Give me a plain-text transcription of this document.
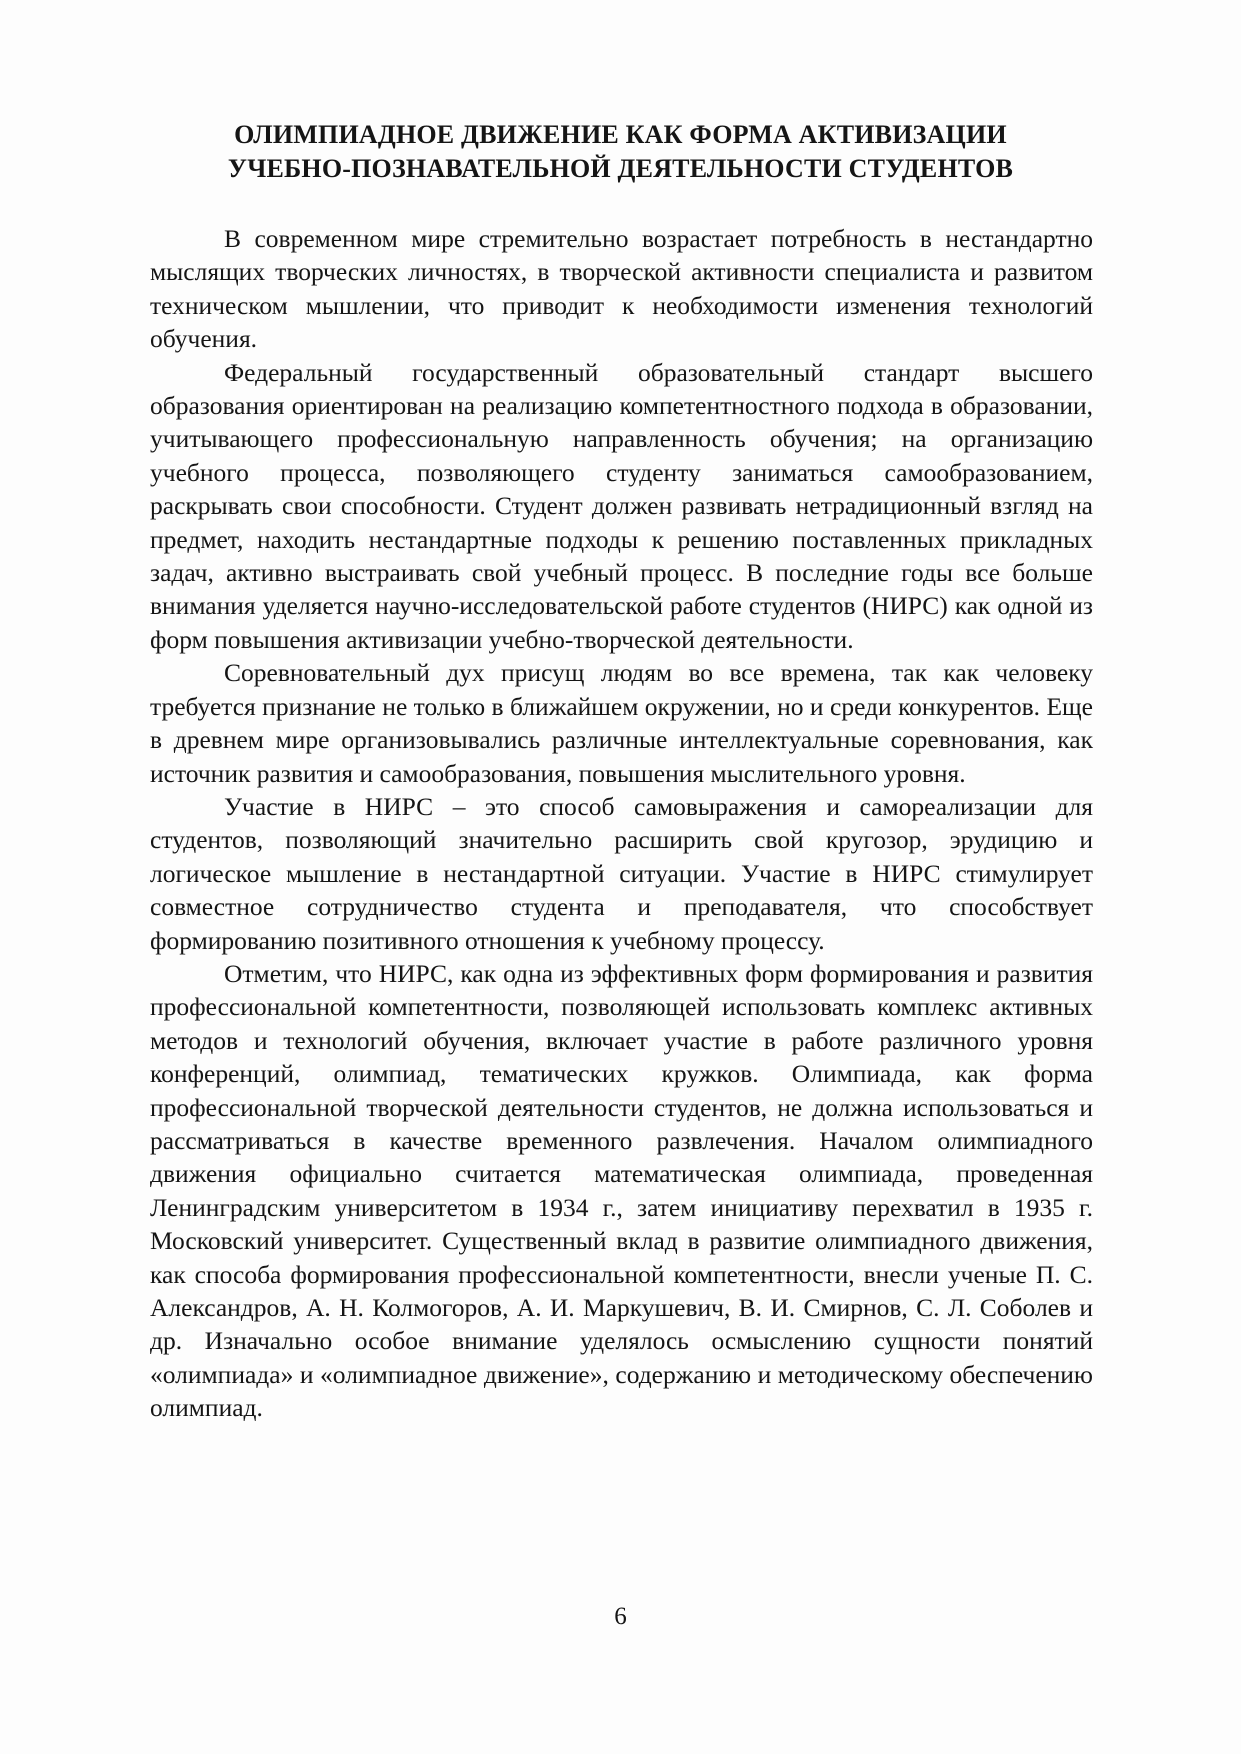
ОЛИМПИАДНОЕ ДВИЖЕНИЕ КАК ФОРМА АКТИВИЗАЦИИ
УЧЕБНО-ПОЗНАВАТЕЛЬНОЙ ДЕЯТЕЛЬНОСТИ СТУДЕНТОВ

В современном мире стремительно возрастает потребность в нестандартно мыслящих творческих личностях, в творческой активности специалиста и развитом техническом мышлении, что приводит к необходимости изменения технологий обучения.

Федеральный государственный образовательный стандарт высшего образования ориентирован на реализацию компетентностного подхода в образовании, учитывающего профессиональную направленность обучения; на организацию учебного процесса, позволяющего студенту заниматься самообразованием, раскрывать свои способности. Студент должен развивать нетрадиционный взгляд на предмет, находить нестандартные подходы к решению поставленных прикладных задач, активно выстраивать свой учебный процесс. В последние годы все больше внимания уделяется научно-исследовательской работе студентов (НИРС) как одной из форм повышения активизации учебно-творческой деятельности.

Соревновательный дух присущ людям во все времена, так как человеку требуется признание не только в ближайшем окружении, но и среди конкурентов. Еще в древнем мире организовывались различные интеллектуальные соревнования, как источник развития и самообразования, повышения мыслительного уровня.

Участие в НИРС – это способ самовыражения и самореализации для студентов, позволяющий значительно расширить свой кругозор, эрудицию и логическое мышление в нестандартной ситуации. Участие в НИРС стимулирует совместное сотрудничество студента и преподавателя, что способствует формированию позитивного отношения к учебному процессу.

Отметим, что НИРС, как одна из эффективных форм формирования и развития профессиональной компетентности, позволяющей использовать комплекс активных методов и технологий обучения, включает участие в работе различного уровня конференций, олимпиад, тематических кружков. Олимпиада, как форма профессиональной творческой деятельности студентов, не должна использоваться и рассматриваться в качестве временного развлечения. Началом олимпиадного движения официально считается математическая олимпиада, проведенная Ленинградским университетом в 1934 г., затем инициативу перехватил в 1935 г. Московский университет. Существенный вклад в развитие олимпиадного движения, как способа формирования профессиональной компетентности, внесли ученые П. С. Александров, А. Н. Колмогоров, А. И. Маркушевич, В. И. Смирнов, С. Л. Соболев и др. Изначально особое внимание уделялось осмыслению сущности понятий «олимпиада» и «олимпиадное движение», содержанию и методическому обеспечению олимпиад.

6
